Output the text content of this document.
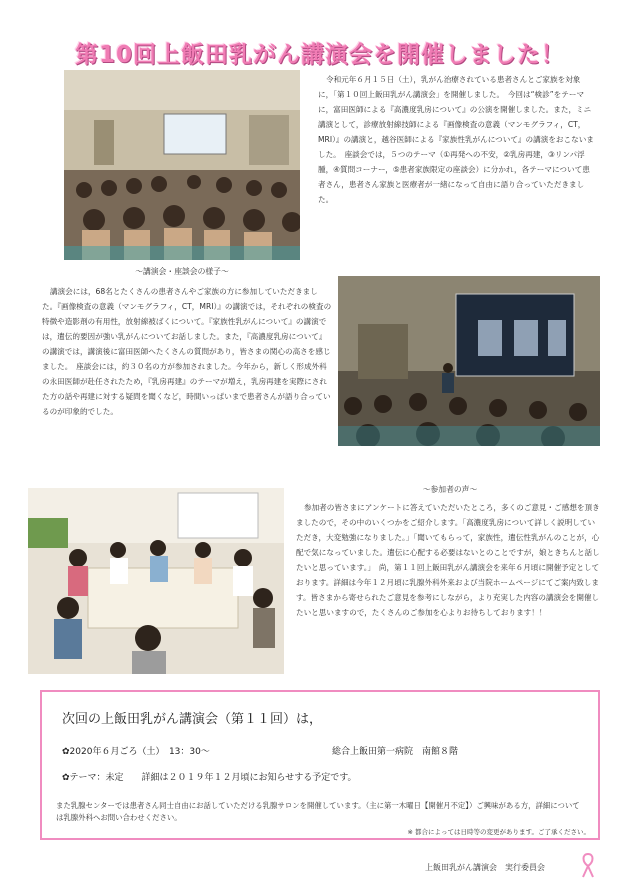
第10回上飯田乳がん講演会を開催しました！

令和元年６月１５日（土），乳がん治療されている患者さんとご家族を対象に，「第１０回上飯田乳がん講演会」を開催しました。　今回は“検診”をテーマに，富田医師による『高濃度乳房について』の公演を開催しました。また，ミニ講演として，診療放射線技師による『画像検査の意義（マンモグラフィ，CT，MRI）』の講演と，越谷医師による『家族性乳がんについて』の講演をおこないました。　座談会では，５つのテーマ（①再発への不安，②乳房再建，③リンパ浮腫，④質問コーナー，⑤患者家族限定の座談会）に分かれ，各テーマについて患者さん，患者さん家族と医療者が一緒になって自由に語り合っていただきました。

～講演会・座談会の様子～

講演会には，68名とたくさんの患者さんやご家族の方に参加していただきました。『画像検査の意義（マンモグラフィ，CT，MRI）』の講演では，それぞれの検査の特徴や造影剤の有用性，放射線被ばくについて。『家族性乳がんについて』の講演では，遺伝的要因が強い乳がんについてお話しました。また，『高濃度乳房について』の講演では，講演後に富田医師へたくさんの質問があり，皆さまの関心の高さを感じました。　座談会には，約３０名の方が参加されました。今年から，新しく形成外科の永田医師が赴任されたため，『乳房再建』のテーマが増え，乳房再建を実際にされた方の話や再建に対する疑問を聞くなど，時間いっぱいまで患者さんが語り合っているのが印象的でした。

～参加者の声～

参加者の皆さまにアンケートに答えていただいたところ，多くのご意見・ご感想を頂きましたので，その中のいくつかをご紹介します。「高濃度乳房について詳しく説明していただき，大変勉強になりました。」「聞いてもらって，家族性，遺伝性乳がんのことが，心配で気になっていました。遺伝に心配する必要はないとのことですが，娘ときちんと話したいと思っています。」　尚，第１１回上飯田乳がん講演会を来年６月頃に開催予定としております。詳細は今年１２月頃に乳腺外科外来および当院ホームページにてご案内致します。皆さまから寄せられたご意見を参考にしながら，より充実した内容の講演会を開催したいと思いますので，たくさんのご参加を心よりお待ちしております！！

次回の上飯田乳がん講演会（第１１回）は，
✿2020年６月ごろ（土）　13：30～	総合上飯田第一病院　南館８階
✿テーマ：未定　　詳細は２０１９年１２月頃にお知らせする予定です。
また乳腺センターでは患者さん同士自由にお話していただける乳腺サロンを開催しています。（主に第一木曜日【開催月不定】）ご興味がある方，詳細については乳腺外科へお問い合わせください。
※ 都合によっては日時等の変更があります。ご了承ください。
上飯田乳がん講演会　実行委員会
